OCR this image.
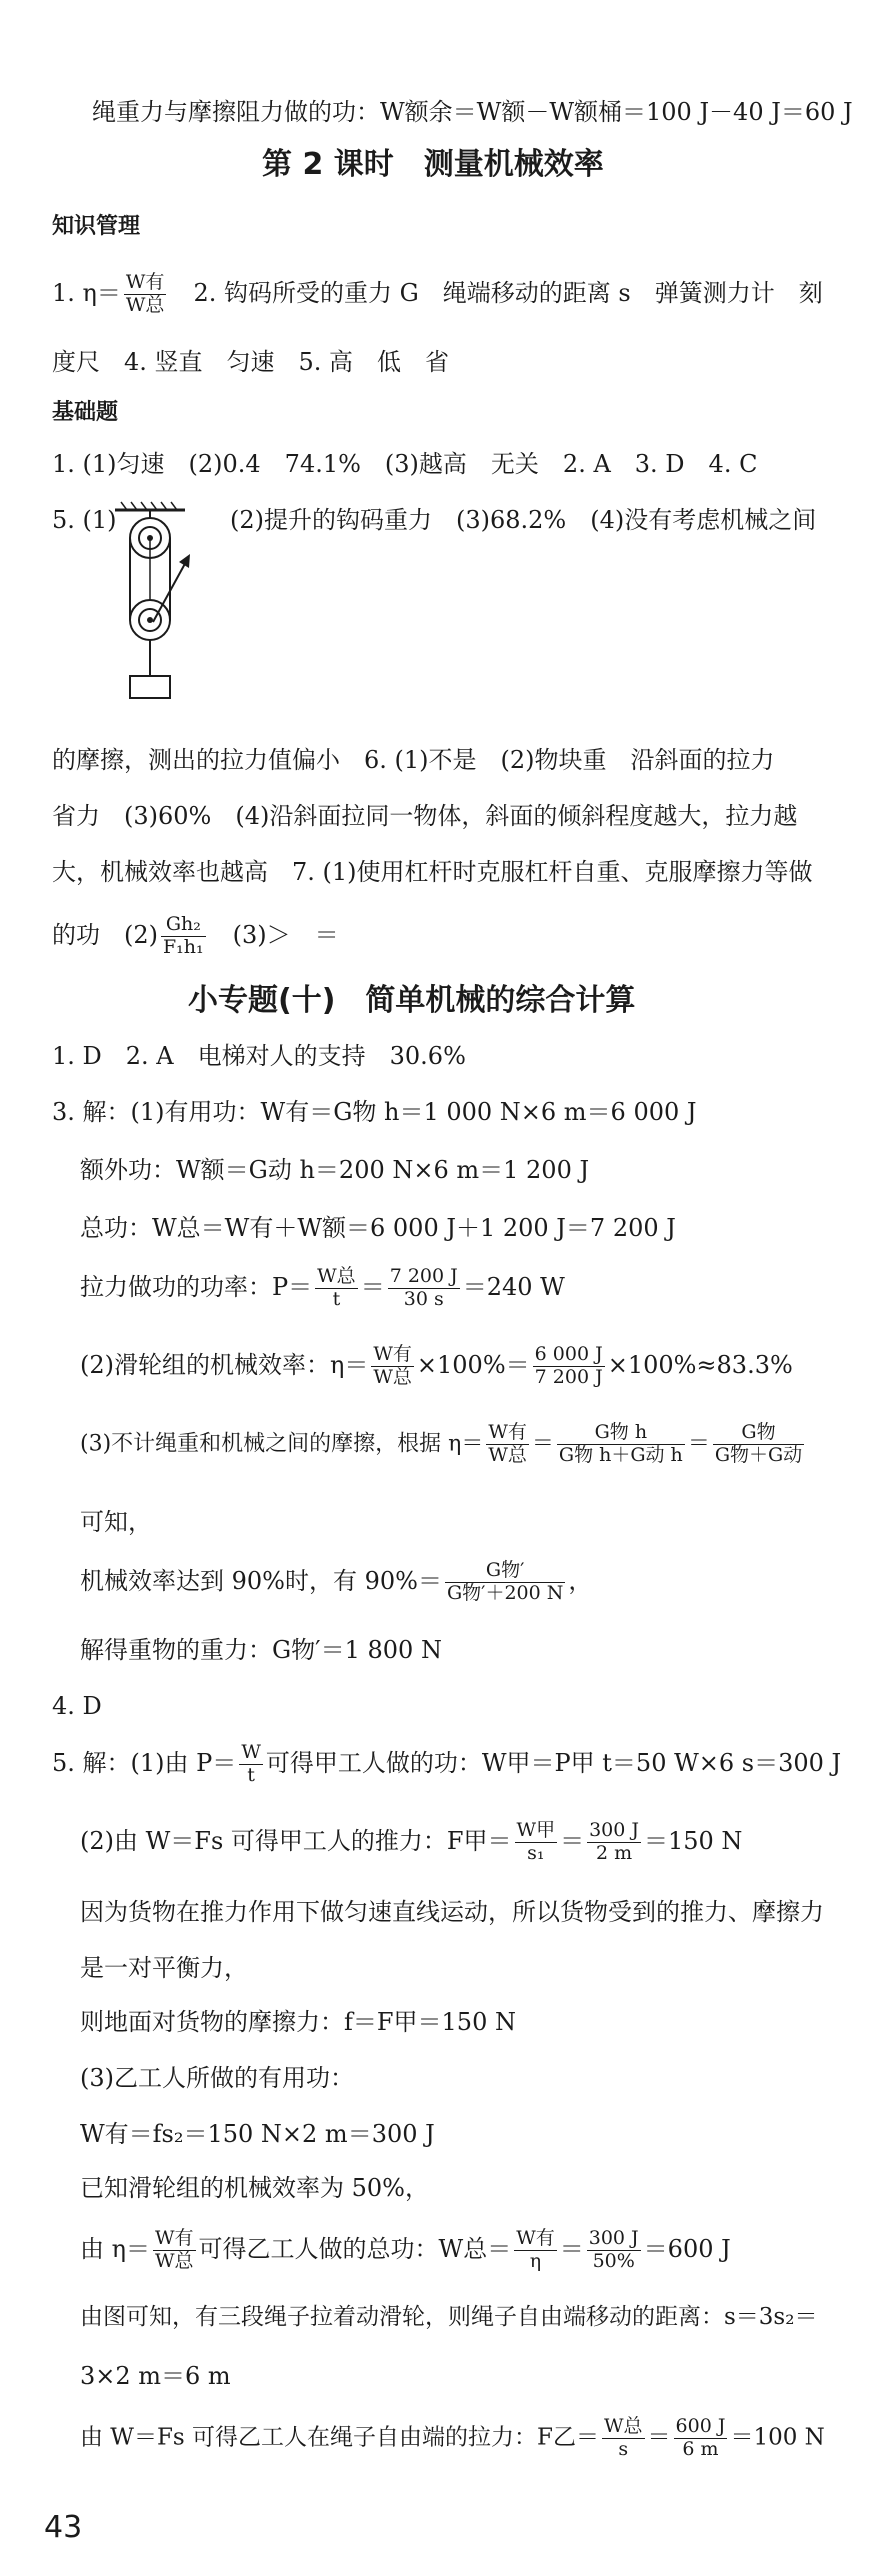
绳重力与摩擦阻力做的功：W额余＝W额－W额桶＝100 J－40 J＝60 J
第 2 课时　测量机械效率
知识管理
1. $\eta= \frac{\text{W有}}{\text{W总}}$
　 2. 钩码所受的重力 G　绳端移动的距离 s　弹簧测力计　刻
度尺　4. 竖直　匀速　5. 高　低　省
基础题
1. (1)匀速　(2)0.4　74.1%　(3)越高　无关　2. A　3. D　4. C
5. (1)	(2)提升的钩码重力　(3)68.2%　(4)没有考虑机械之间
的摩擦，测出的拉力值偏小　6. (1)不是　(2)物块重　沿斜面的拉力
省力　(3)60%　(4)沿斜面拉同一物体，斜面的倾斜程度越大，拉力越
大，机械效率也越高　7. (1)使用杠杆时克服杠杆自重、克服摩擦力等做
的功　$(2) \frac{\text{Gh₂}}{\text{F₁h₁}}$
　 (3)＞　＝
小专题(十)　简单机械的综合计算
1. D　2. A　电梯对人的支持　30.6%
3. 解：(1)有用功：W有＝G物 h＝1 000 N×6 m＝6 000 J
额外功：W额＝G动 h＝200 N×6 m＝1 200 J
总功：W总＝W有＋W额＝6 000 J＋1 200 J＝7 200 J
拉力做功的功率：$P= \frac{\text{W总}}{t} = \frac{7 200 J}{30 s} =240$ W
(2)滑轮组的机械效率：$\eta= \frac{\text{W有}}{\text{W总}} \times 100\%= \frac{6 000 J}{7 200 J} \times 100\%\approx 83.3\%$
(3)不计绳重和机械之间的摩擦，根据 $\eta= \frac{\text{W有}}{\text{W总}} = \frac{\text{G物 h}}{\text{G物 h＋G动 h}} = \frac{\text{G物}}{\text{G物＋G动}}$
可知，
机械效率达到 90%时，有 $90\%= \frac{\text{G物′}}{\text{G物′＋200 N}}$ ，
解得重物的重力：G物′＝1 800 N
4. D
5. 解：(1)由 $P= \frac{W}{t}$ 可得甲工人做的功：W甲＝P甲 t＝50 W×6 s＝300 J
(2)由 W＝Fs 可得甲工人的推力：F甲＝ $\frac{\text{W甲}}{\text{s₁}} = \frac{300 J}{2 m} =150$ N
因为货物在推力作用下做匀速直线运动，所以货物受到的推力、摩擦力
是一对平衡力，
则地面对货物的摩擦力：f＝F甲＝150 N
(3)乙工人所做的有用功：
W有＝fs₂＝150 N×2 m＝300 J
已知滑轮组的机械效率为 50%，
由 $\eta= \frac{\text{W有}}{\text{W总}}$ 可得乙工人做的总功：W总＝ $\frac{\text{W有}}{\eta} = \frac{300 J}{50\%} =600$ J
由图可知，有三段绳子拉着动滑轮，则绳子自由端移动的距离：s＝3s₂＝
3×2 m＝6 m
由 W＝Fs 可得乙工人在绳子自由端的拉力：F乙＝ $\frac{\text{W总}}{s} = \frac{600 J}{6 m} =100$ N
43
